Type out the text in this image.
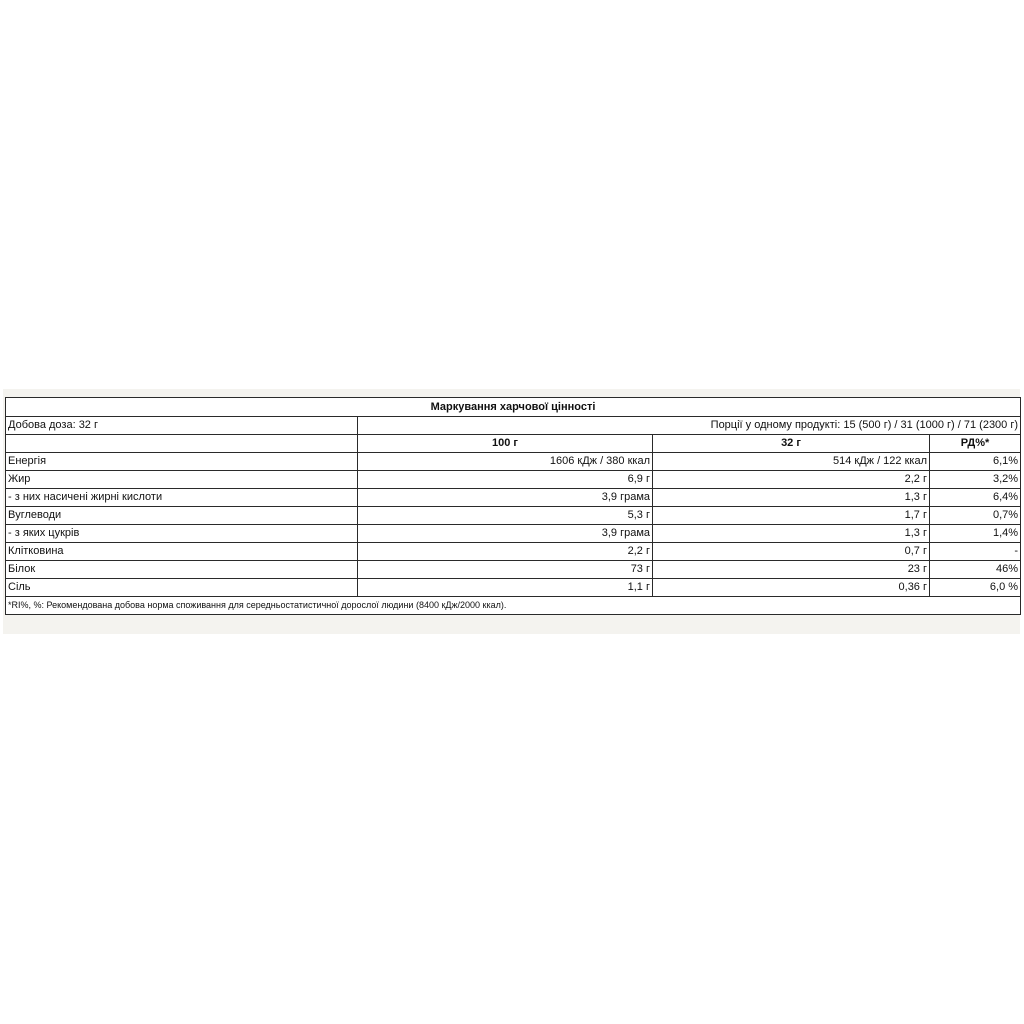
Маркування харчової цінності			
Добова доза: 32 г	Порції у одному продукті: 15 (500 г) / 31 (1000 г) / 71 (2300 г)		
	100 г	32 г	РД%*
Енергія	1606 кДж / 380 ккал	514 кДж / 122 ккал	6,1%
Жир	6,9 г	2,2 г	3,2%
- з них насичені жирні кислоти	3,9 грама	1,3 г	6,4%
Вуглеводи	5,3 г	1,7 г	0,7%
- з яких цукрів	3,9 грама	1,3 г	1,4%
Клітковина	2,2 г	0,7 г	-
Білок	73 г	23 г	46%
Сіль	1,1 г	0,36 г	6,0 %
*RI%, %: Рекомендована добова норма споживання для середньостатистичної дорослої людини (8400 кДж/2000 ккал).			
